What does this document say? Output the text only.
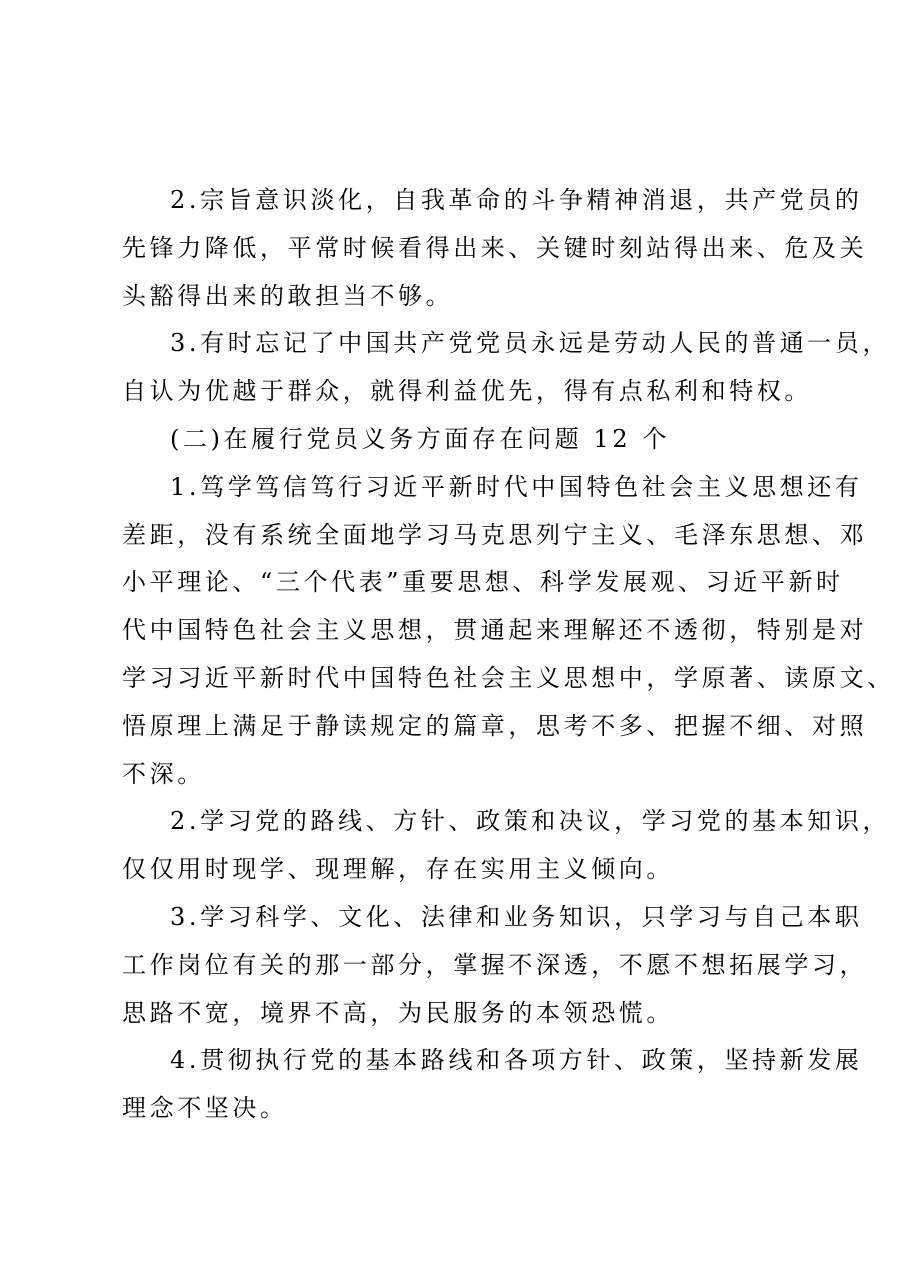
2.宗旨意识淡化，自我革命的斗争精神消退，共产党员的
先锋力降低，平常时候看得出来、关键时刻站得出来、危及关
头豁得出来的敢担当不够。
3.有时忘记了中国共产党党员永远是劳动人民的普通一员，
自认为优越于群众，就得利益优先，得有点私利和特权。
(二)在履行党员义务方面存在问题 12 个
1.笃学笃信笃行习近平新时代中国特色社会主义思想还有
差距，没有系统全面地学习马克思列宁主义、毛泽东思想、邓
小平理论、“三个代表”重要思想、科学发展观、习近平新时
代中国特色社会主义思想，贯通起来理解还不透彻，特别是对
学习习近平新时代中国特色社会主义思想中，学原著、读原文、
悟原理上满足于静读规定的篇章，思考不多、把握不细、对照
不深。
2.学习党的路线、方针、政策和决议，学习党的基本知识，
仅仅用时现学、现理解，存在实用主义倾向。
3.学习科学、文化、法律和业务知识，只学习与自己本职
工作岗位有关的那一部分，掌握不深透，不愿不想拓展学习，
思路不宽，境界不高，为民服务的本领恐慌。
4.贯彻执行党的基本路线和各项方针、政策，坚持新发展
理念不坚决。
